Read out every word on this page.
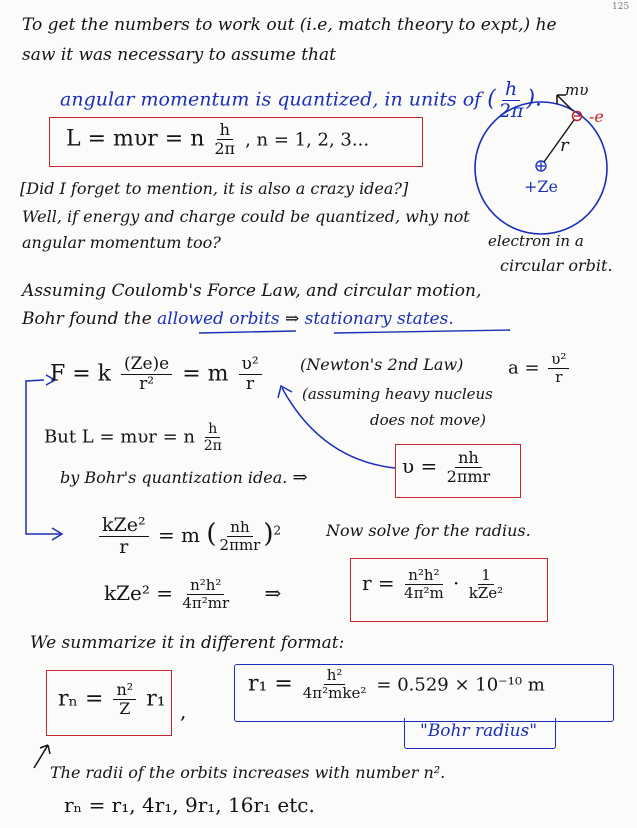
125
To get the numbers to work out (i.e, match theory to expt,) he
saw it was necessary to assume that
angular momentum is quantized, in units of ( $\frac{h}{2\pi}$ ).
L = mυr = n $\frac{h}{2\pi}$ , n = 1, 2, 3...
mυ
-e
r
+Ze
electron in a
circular orbit.
[Did I forget to mention, it is also a crazy idea?]
Well, if energy and charge could be quantized, why not
angular momentum too?
Assuming Coulomb's Force Law, and circular motion,
Bohr found the allowed orbits ⇒ stationary states.
F = k $\frac{(Ze)e}{\text{r²}} = m \frac{\text{υ²}}{r}$ (Newton's 2nd Law) $a = \frac{\text{υ²}}{r}$
(assuming heavy nucleus
does not move)
But L = mυr = n $\frac{h}{2\pi}$
by Bohr's quantization idea. ⇒	$\upsilon = \frac{nh}{\text{2πmr}}$
$\frac{\text{kZe²}}{r} = m$ ( $\frac{nh}{\text{2πmr}} )^2$	Now solve for the radius.
$kZe^2 = \frac{\text{n²h²}}{\text{4π²mr}}$ ⇒	$r = \frac{\text{n²h²}}{\text{4π²m}} \cdot \frac{1}{\text{kZe²}}$
We summarize it in different format:
$r_n = \frac{\text{n²}}{Z} r_1$ ,
$r_1 = \frac{\text{h²}}{\text{4π²mke²}} = 0.529 \times 10^{-10}$ m
"Bohr radius"
The radii of the orbits increases with number n².
rₙ = r₁, 4r₁, 9r₁, 16r₁ etc.
